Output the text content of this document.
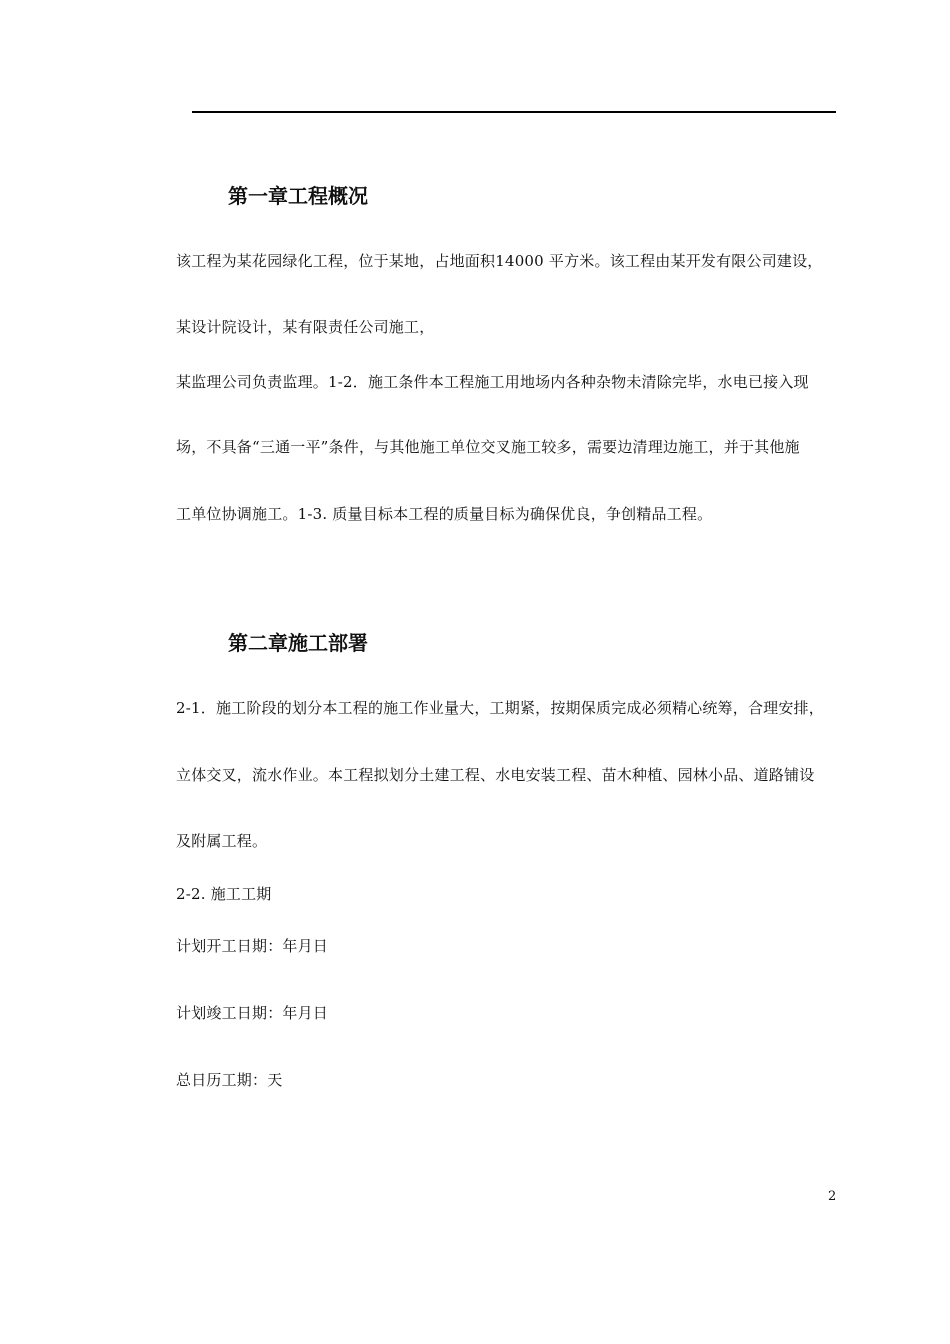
第一章工程概况
该工程为某花园绿化工程，位于某地，占地面积14000 平方米。该工程由某开发有限公司建设，
某设计院设计，某有限责任公司施工，
某监理公司负责监理。1-2．施工条件本工程施工用地场内各种杂物未清除完毕，水电已接入现
场，不具备“三通一平”条件，与其他施工单位交叉施工较多，需要边清理边施工，并于其他施
工单位协调施工。1-3. 质量目标本工程的质量目标为确保优良，争创精品工程。
第二章施工部署
2-1．施工阶段的划分本工程的施工作业量大，工期紧，按期保质完成必须精心统筹，合理安排，
立体交叉，流水作业。本工程拟划分土建工程、水电安装工程、苗木种植、园林小品、道路铺设
及附属工程。
2-2. 施工工期
计划开工日期：年月日
计划竣工日期：年月日
总日历工期：天
2
